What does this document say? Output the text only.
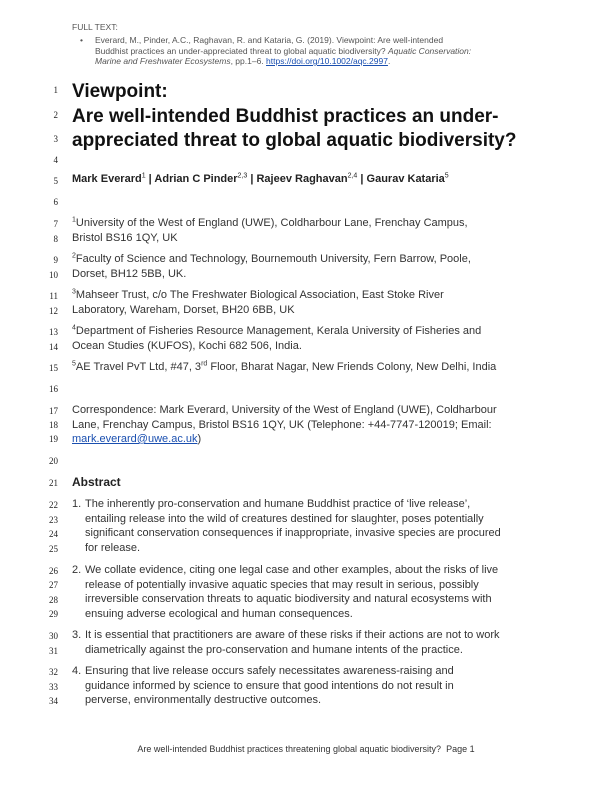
FULL TEXT:
• Everard, M., Pinder, A.C., Raghavan, R. and Kataria, G. (2019). Viewpoint: Are well-intended
Buddhist practices an under-appreciated threat to global aquatic biodiversity? Aquatic Conservation:
Marine and Freshwater Ecosystems, pp.1–6. https://doi.org/10.1002/aqc.2997.
1
2
3
4
5
6
7
8
9
10
11
12
13
14
15
16
17
18
19
20
21
22
23
24
25
26
27
28
29
30
31
32
33
34
Viewpoint:
Are well-intended Buddhist practices an under-
appreciated threat to global aquatic biodiversity?
Mark Everard$^1$ | Adrian C Pinder$^{2,3}$ | Rajeev Raghavan$^{2,4}$ | Gaurav Kataria$^5$
$^1$University of the West of England (UWE), Coldharbour Lane, Frenchay Campus,
Bristol BS16 1QY, UK
$^2$Faculty of Science and Technology, Bournemouth University, Fern Barrow, Poole,
Dorset, BH12 5BB, UK.
$^3$Mahseer Trust, c/o The Freshwater Biological Association, East Stoke River
Laboratory, Wareham, Dorset, BH20 6BB, UK
$^4$Department of Fisheries Resource Management, Kerala University of Fisheries and
Ocean Studies (KUFOS), Kochi 682 506, India.
$^5$AE Travel PvT Ltd, #47, 3rd Floor, Bharat Nagar, New Friends Colony, New Delhi, India
Correspondence: Mark Everard, University of the West of England (UWE), Coldharbour
Lane, Frenchay Campus, Bristol BS16 1QY, UK (Telephone: +44-7747-120019; Email:
mark.everard@uwe.ac.uk)
Abstract
1. The inherently pro-conservation and humane Buddhist practice of ‘live release’,
entailing release into the wild of creatures destined for slaughter, poses potentially
significant conservation consequences if inappropriate, invasive species are procured
for release.
2. We collate evidence, citing one legal case and other examples, about the risks of live
release of potentially invasive aquatic species that may result in serious, possibly
irreversible conservation threats to aquatic biodiversity and natural ecosystems with
ensuing adverse ecological and human consequences.
3. It is essential that practitioners are aware of these risks if their actions are not to work
diametrically against the pro-conservation and humane intents of the practice.
4. Ensuring that live release occurs safely necessitates awareness-raising and
guidance informed by science to ensure that good intentions do not result in
perverse, environmentally destructive outcomes.
Are well-intended Buddhist practices threatening global aquatic biodiversity? Page 1
